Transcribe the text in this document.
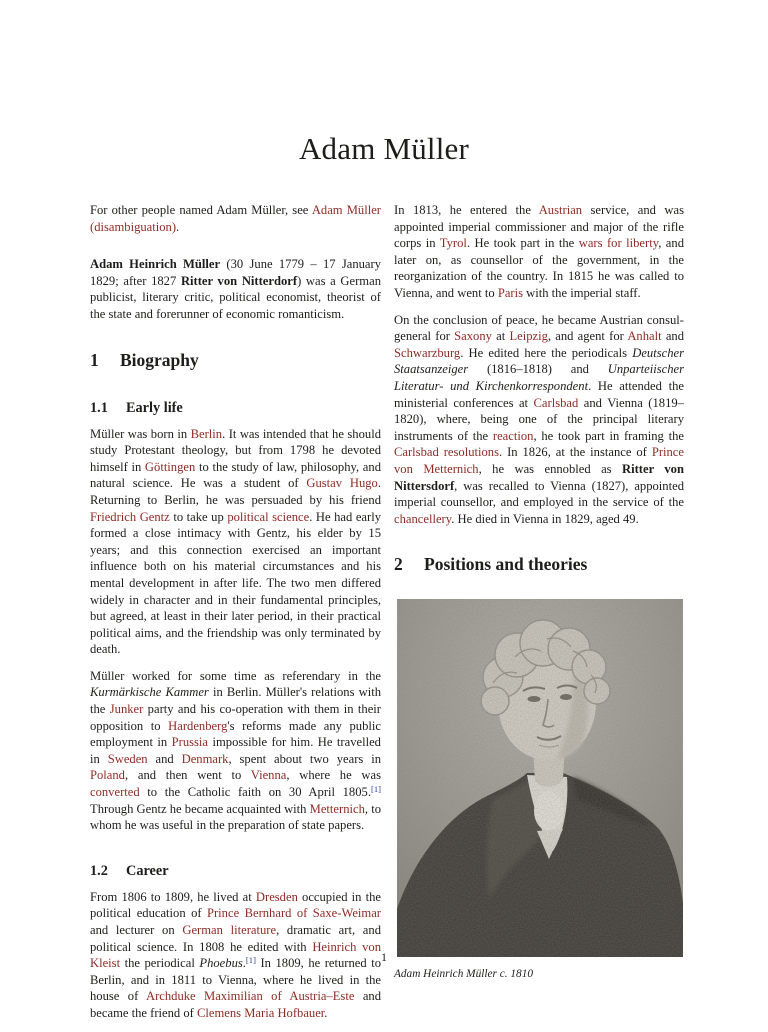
Adam Müller

For other people named Adam Müller, see Adam Müller (disambiguation).

Adam Heinrich Müller (30 June 1779 – 17 January 1829; after 1827 Ritter von Nitterdorf) was a German publicist, literary critic, political economist, theorist of the state and forerunner of economic romanticism.

1	Biography
1.1	Early life

Müller was born in Berlin. It was intended that he should study Protestant theology, but from 1798 he devoted himself in Göttingen to the study of law, philosophy, and natural science. He was a student of Gustav Hugo. Returning to Berlin, he was persuaded by his friend Friedrich Gentz to take up political science. He had early formed a close intimacy with Gentz, his elder by 15 years; and this connection exercised an important influence both on his material circumstances and his mental development in after life. The two men differed widely in character and in their fundamental principles, but agreed, at least in their later period, in their practical political aims, and the friendship was only terminated by death.

Müller worked for some time as referendary in the Kurmärkische Kammer in Berlin. Müller's relations with the Junker party and his co-operation with them in their opposition to Hardenberg's reforms made any public employment in Prussia impossible for him. He travelled in Sweden and Denmark, spent about two years in Poland, and then went to Vienna, where he was converted to the Catholic faith on 30 April 1805.[1] Through Gentz he became acquainted with Metternich, to whom he was useful in the preparation of state papers.

1.2	Career

From 1806 to 1809, he lived at Dresden occupied in the political education of Prince Bernhard of Saxe-Weimar and lecturer on German literature, dramatic art, and political science. In 1808 he edited with Heinrich von Kleist the periodical Phoebus.[1] In 1809, he returned to Berlin, and in 1811 to Vienna, where he lived in the house of Archduke Maximilian of Austria–Este and became the friend of Clemens Maria Hofbauer.

In 1813, he entered the Austrian service, and was appointed imperial commissioner and major of the rifle corps in Tyrol. He took part in the wars for liberty, and later on, as counsellor of the government, in the reorganization of the country. In 1815 he was called to Vienna, and went to Paris with the imperial staff.

On the conclusion of peace, he became Austrian consul-general for Saxony at Leipzig, and agent for Anhalt and Schwarzburg. He edited here the periodicals Deutscher Staatsanzeiger (1816–1818) and Unparteiischer Literatur- und Kirchenkorrespondent. He attended the ministerial conferences at Carlsbad and Vienna (1819–1820), where, being one of the principal literary instruments of the reaction, he took part in framing the Carlsbad resolutions. In 1826, at the instance of Prince von Metternich, he was ennobled as Ritter von Nittersdorf, was recalled to Vienna (1827), appointed imperial counsellor, and employed in the service of the chancellery. He died in Vienna in 1829, aged 49.

2	Positions and theories
Adam Heinrich Müller c. 1810
1
